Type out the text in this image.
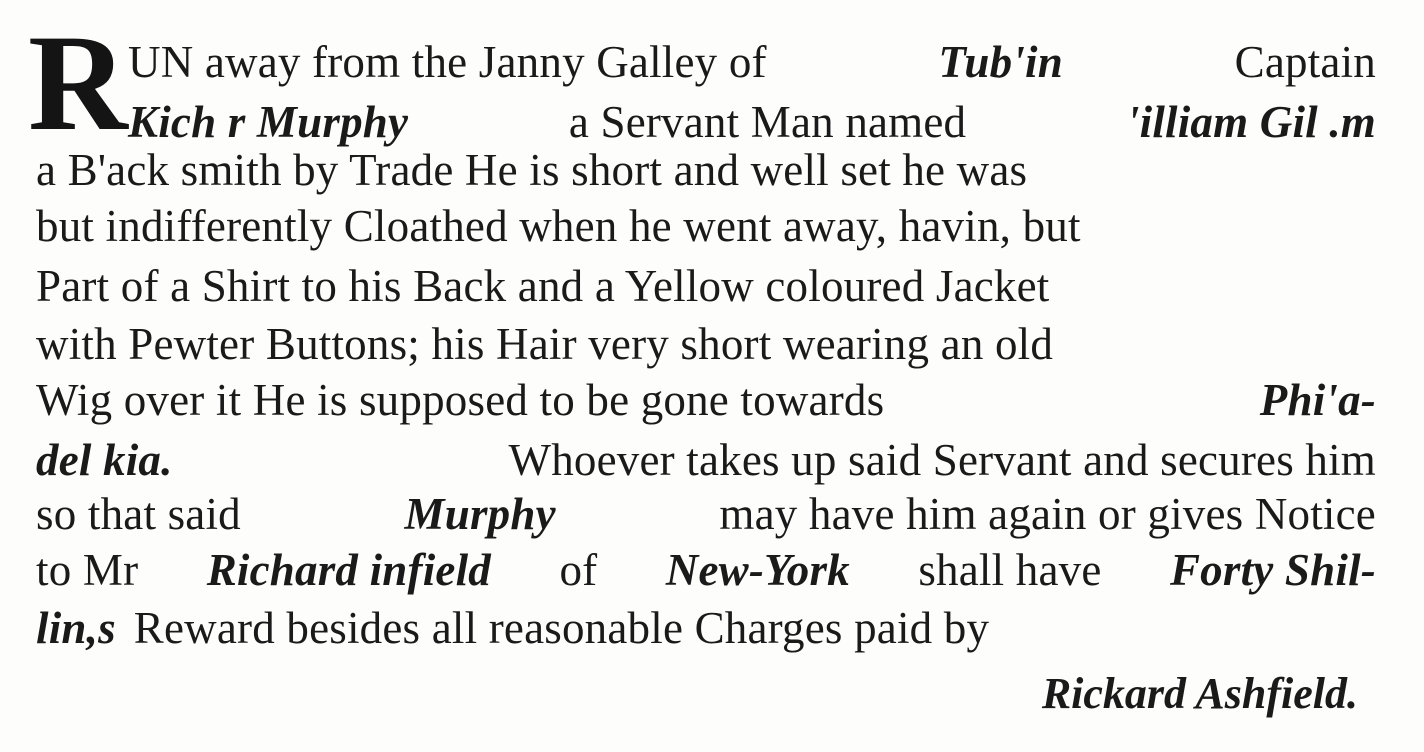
R UN away from the Janny Galley of	Tub'in	Captain
Kich r Murphy	a Servant Man named	'illiam Gil .m
a B'ack smith by Trade He is short and well set he was
but indifferently Cloathed when he went away, havin, but
Part of a Shirt to his Back and a Yellow coloured Jacket
with Pewter Buttons; his Hair very short wearing an old
Wig over it He is supposed to be gone towards	Phi'a-
del kia.	Whoever takes up said Servant and secures him
so that said	Murphy	may have him again or gives Notice
to Mr Richard infield of New-York shall have Forty Shil-
lin,s Reward besides all reasonable Charges paid by
Rickard Ashfield.
